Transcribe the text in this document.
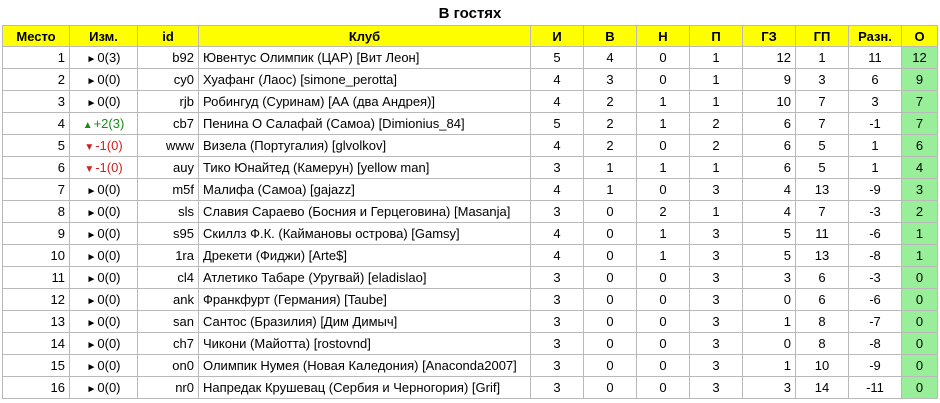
В гостях
Место	Изм.	id	Клуб	И	В	Н	П	ГЗ	ГП	Разн.	О
1	►0(3)	b92	Ювентус Олимпик (ЦАР) [Вит Леон]	5	4	0	1	12	1	11	12
2	►0(0)	cy0	Хуафанг (Лаос) [simone_perotta]	4	3	0	1	9	3	6	9
3	►0(0)	rjb	Робингуд (Суринам) [АА (два Андрея)]	4	2	1	1	10	7	3	7
4	▲+2(3)	cb7	Пенина О Салафай (Самоа) [Dimionius_84]	5	2	1	2	6	7	-1	7
5	▼-1(0)	www	Визела (Португалия) [glvolkov]	4	2	0	2	6	5	1	6
6	▼-1(0)	auy	Тико Юнайтед (Камерун) [yellow man]	3	1	1	1	6	5	1	4
7	►0(0)	m5f	Малифа (Самоа) [gajazz]	4	1	0	3	4	13	-9	3
8	►0(0)	sls	Славия Сараево (Босния и Герцеговина) [Masanja]	3	0	2	1	4	7	-3	2
9	►0(0)	s95	Скиллз Ф.К. (Каймановы острова) [Gamsy]	4	0	1	3	5	11	-6	1
10	►0(0)	1ra	Дрекети (Фиджи) [Arte$]	4	0	1	3	5	13	-8	1
11	►0(0)	cl4	Атлетико Табаре (Уругвай) [eladislao]	3	0	0	3	3	6	-3	0
12	►0(0)	ank	Франкфурт (Германия) [Taube]	3	0	0	3	0	6	-6	0
13	►0(0)	san	Сантос (Бразилия) [Дим Димыч]	3	0	0	3	1	8	-7	0
14	►0(0)	ch7	Чикони (Майотта) [rostovnd]	3	0	0	3	0	8	-8	0
15	►0(0)	on0	Олимпик Нумея (Новая Каледония) [Anaconda2007]	3	0	0	3	1	10	-9	0
16	►0(0)	nr0	Напредак Крушевац (Сербия и Черногория) [Grif]	3	0	0	3	3	14	-11	0
